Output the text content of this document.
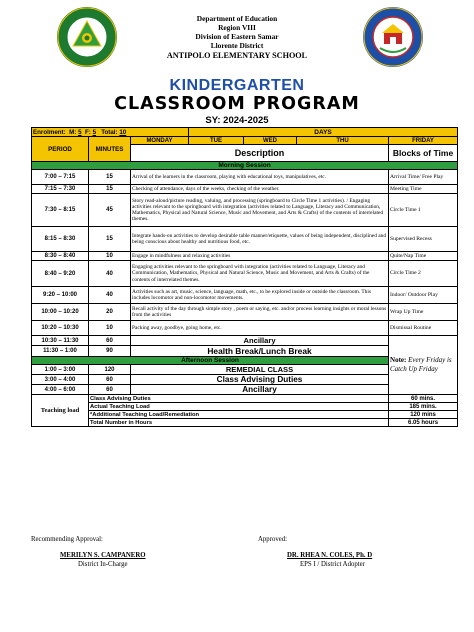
Department of Education
Region VIII
Division of Eastern Samar
Llorente District
ANTIPOLO ELEMENTARY SCHOOL
KINDERGARTEN
CLASSROOM PROGRAM
SY: 2024-2025
Enrolment: M: 5 F: 5 Total: 10			DAYS			
PERIOD	MINUTES	MONDAY	TUE	WED	THU	FRIDAY
		Description				Blocks of Time
Morning Session						
7:00 – 7:15	15	Arrival of the learners in the classroom, playing with educational toys, manipulatives, etc.				Arrival Time/ Free Play
7:15 – 7:30	15	Checking of attendance, days of the weeks, checking of the weather.				Meeting Time
7:30 – 8:15	45	Story read-aloud/picture reading, valuing, and processing (springboard to Circle Time 1 activities). / Engaging activities relevant to the springboard with integration (activities related to Language, Literacy and Communication, Mathematics, Physical and Natural Science, Music and Movement, and Arts & Crafts) of the contents of interrelated themes.				Circle Time 1
8:15 – 8:30	15	Integrate hands-on activities to develop desirable table manner/etiquette, values of being independent, disciplined and being conscious about healthy and nutritious food, etc.				Supervised Recess
8:30 – 8:40	10	Engage in mindfulness and relaxing activities				Quite/Nap Time
8:40 – 9:20	40	Engaging activities relevant to the springboard with integration (activities related to Language, Literacy and Communication, Mathematics, Physical and Natural Science, Music and Movement, and Arts & Crafts) of the contents of interrelated themes.				Circle Time 2
9:20 – 10:00	40	Activities such as art, music, science, language, math, etc., to be explored inside or outside the classroom. This includes locomotor and non-locomotor movements.				Indoor/ Outdoor Play
10:00 – 10:20	20	Recall activity of the day through simple story , poem or saying, etc. and/or process learning insights or moral lessons from the activities				Wrap Up Time
10:20 – 10:30	10	Packing away, goodbye, going home, etc.				Dismissal Routine
10:30 – 11:30	60	Ancillary				Note: Every Friday is Catch Up Friday
11:30 – 1:00	90	Health Break/Lunch Break				
Afternoon Session						
1:00 – 3:00	120	REMEDIAL CLASS				
3:00 – 4:00	60	Class Advising Duties				
4:00 – 6:00	60	Ancillary				
Teaching load	Class Advising Duties					60 mins.
	Actual Teaching Load					185 mins.
	*Additional Teaching Load/Remediation					120 mins
	Total Number in Hours					6.05 hours
Recommending Approval:	Approved:
MERILYN S. CAMPANERO
District In-Charge
DR. RHEA N. COLES, Ph. D
EPS I / District Adopter
